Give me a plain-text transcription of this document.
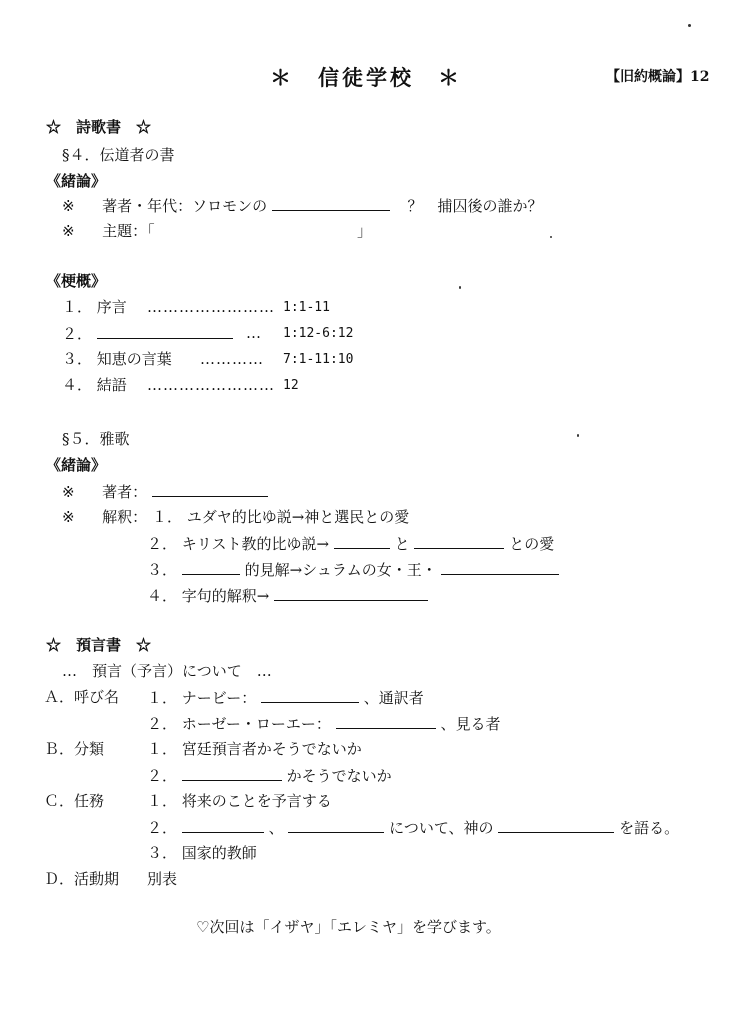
＊　信徒学校　＊	【旧約概論】12
☆　詩歌書　☆
§４．伝道者の書
《緒論》
※ 著者・年代：ソロモンの	？　捕囚後の誰か？
※ 主題：「	」
《梗概》
１． 序言 …………………… 1:1-11
２．	… 1:12-6:12
３． 知恵の言葉 ………… 7:1-11:10
４． 結語 …………………… 12
§５．雅歌
《緒論》
※ 著者：
※ 解釈： １． ユダヤ的比ゆ説→神と選民との愛
２． キリスト教的比ゆ説→	と	との愛
３．	的見解→シュラムの女・王・
４． 字句的解釈→
☆　預言書　☆
…　預言（予言）について　…
Ａ．呼び名 １． ナービー：	、通訳者
２． ホーゼー・ローエー：	、見る者
Ｂ．分類	１． 宮廷預言者かそうでないか
２．	かそうでないか
Ｃ．任務	１． 将来のことを予言する
２．	、	について、神の	を語る。
３． 国家的教師
Ｄ．活動期 別表
♡次回は「イザヤ」「エレミヤ」を学びます。
